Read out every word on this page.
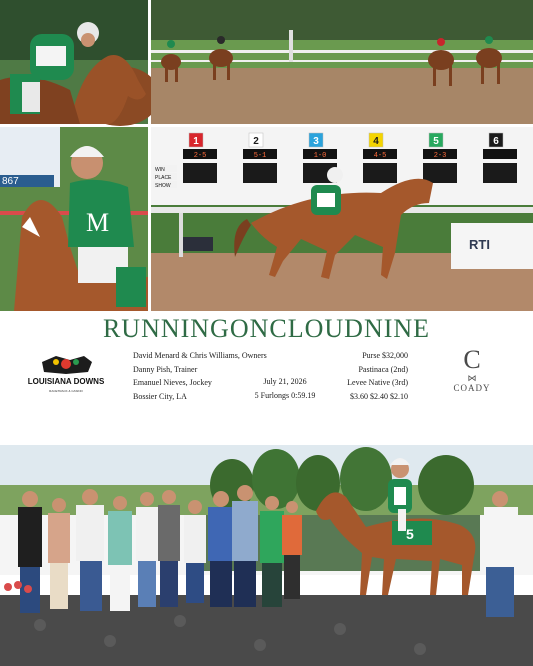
867
M
RTI
1
2-5
2
5-1
3
1-0
4
4-5
5
2-3
6
WIN
PLACE
SHOW
RUNNINGONCLOUDNINE
LOUISIANA DOWNS
RACETRACK & CASINO
David Menard & Chris Williams, Owners
Danny Pish, Trainer
Emanuel Nieves, Jockey
Bossier City, LA
July 21, 2026
5 Furlongs 0:59.19
Purse $32,000
Pastinaca (2nd)
Levee Native (3rd)
$3.60 $2.40 $2.10
C
⋈
COADY
5
